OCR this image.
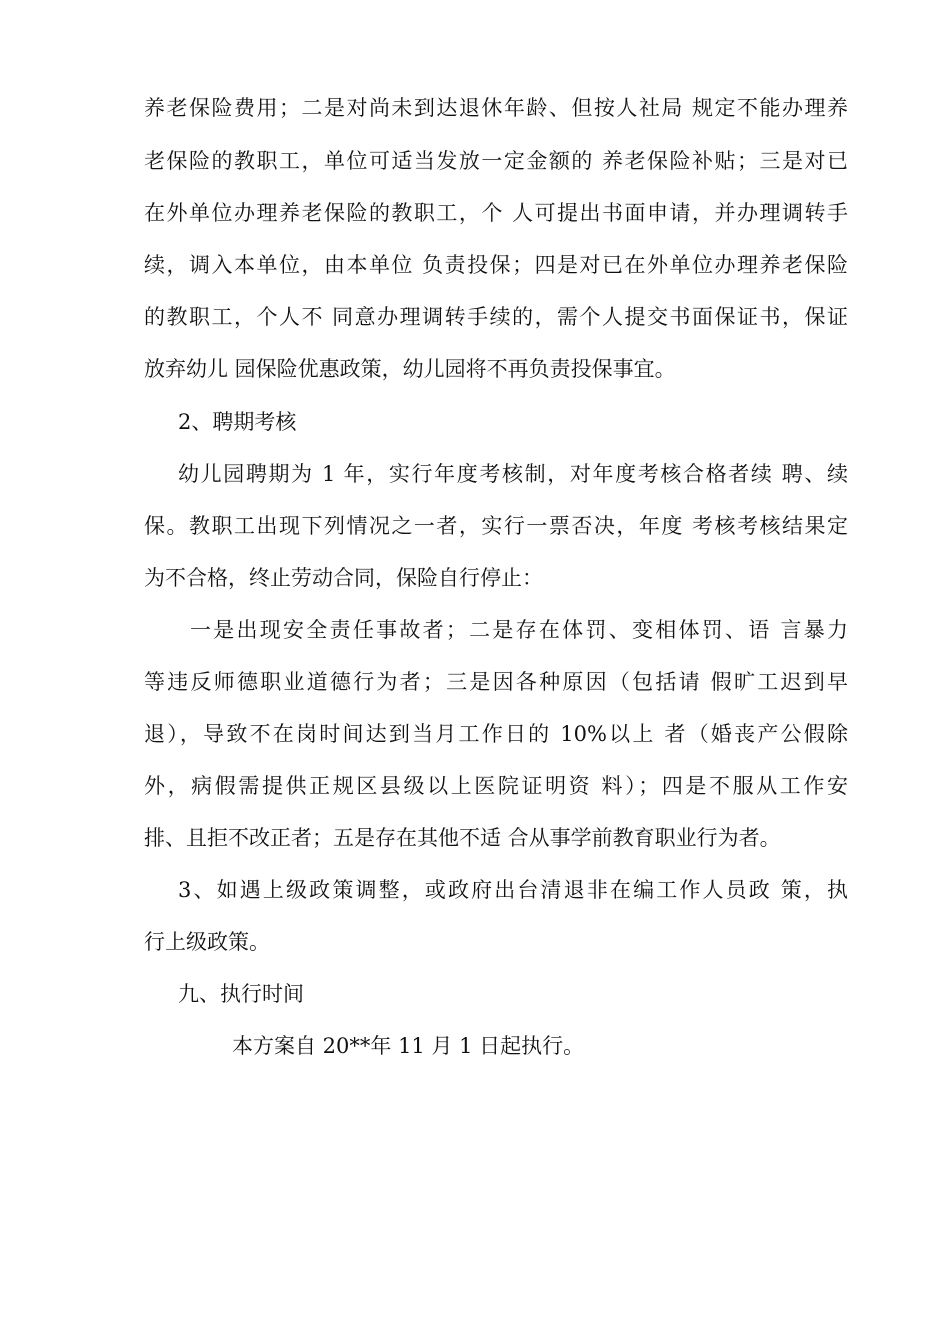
养老保险费用；二是对尚未到达退休年龄、但按人社局 规定不能办理养
老保险的教职工，单位可适当发放一定金额的 养老保险补贴；三是对已
在外单位办理养老保险的教职工，个 人可提出书面申请，并办理调转手
续，调入本单位，由本单位 负责投保；四是对已在外单位办理养老保险
的教职工，个人不 同意办理调转手续的，需个人提交书面保证书，保证
放弃幼儿 园保险优惠政策，幼儿园将不再负责投保事宜。
2、聘期考核
幼儿园聘期为 1 年，实行年度考核制，对年度考核合格者续 聘、续
保。教职工出现下列情况之一者，实行一票否决，年度 考核考核结果定
为不合格，终止劳动合同，保险自行停止：
一是出现安全责任事故者；二是存在体罚、变相体罚、语 言暴力
等违反师德职业道德行为者；三是因各种原因（包括请 假旷工迟到早
退），导致不在岗时间达到当月工作日的 10%以上 者（婚丧产公假除
外，病假需提供正规区县级以上医院证明资 料）；四是不服从工作安
排、且拒不改正者；五是存在其他不适 合从事学前教育职业行为者。
3、如遇上级政策调整，或政府出台清退非在编工作人员政 策，执
行上级政策。
九、执行时间
本方案自 20**年 11 月 1 日起执行。
